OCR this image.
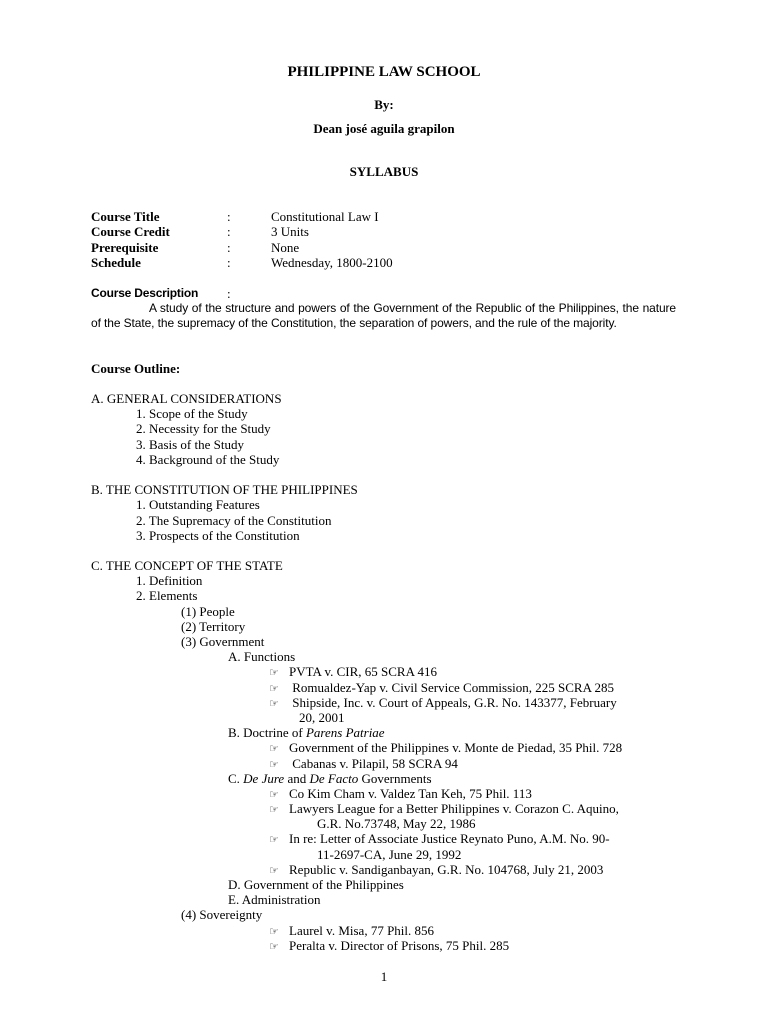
PHILIPPINE LAW SCHOOL
By:
Dean josé aguila grapilon
SYLLABUS
Course Title	:	Constitutional Law I
Course Credit	:	3 Units
Prerequisite	:	None
Schedule	:	Wednesday, 1800-2100
Course Description :
A study of the structure and powers of the Government of the Republic of the Philippines, the nature of the State, the supremacy of the Constitution, the separation of powers, and the rule of the majority.
Course Outline:
A. GENERAL CONSIDERATIONS
1. Scope of the Study
2. Necessity for the Study
3. Basis of the Study
4. Background of the Study
B. THE CONSTITUTION OF THE PHILIPPINES
1. Outstanding Features
2. The Supremacy of the Constitution
3. Prospects of the Constitution
C. THE CONCEPT OF THE STATE
1. Definition
2. Elements
(1) People
(2) Territory
(3) Government
A. Functions
☞ PVTA v. CIR, 65 SCRA 416
☞ Romualdez-Yap v. Civil Service Commission, 225 SCRA 285
☞ Shipside, Inc. v. Court of Appeals, G.R. No. 143377, February
20, 2001
B. Doctrine of Parens Patriae
☞ Government of the Philippines v. Monte de Piedad, 35 Phil. 728
☞ Cabanas v. Pilapil, 58 SCRA 94
C. De Jure and De Facto Governments
☞ Co Kim Cham v. Valdez Tan Keh, 75 Phil. 113
☞ Lawyers League for a Better Philippines v. Corazon C. Aquino,
G.R. No.73748, May 22, 1986
☞ In re: Letter of Associate Justice Reynato Puno, A.M. No. 90-
11-2697-CA, June 29, 1992
☞ Republic v. Sandiganbayan, G.R. No. 104768, July 21, 2003
D. Government of the Philippines
E. Administration
(4) Sovereignty
☞ Laurel v. Misa, 77 Phil. 856
☞ Peralta v. Director of Prisons, 75 Phil. 285
1
